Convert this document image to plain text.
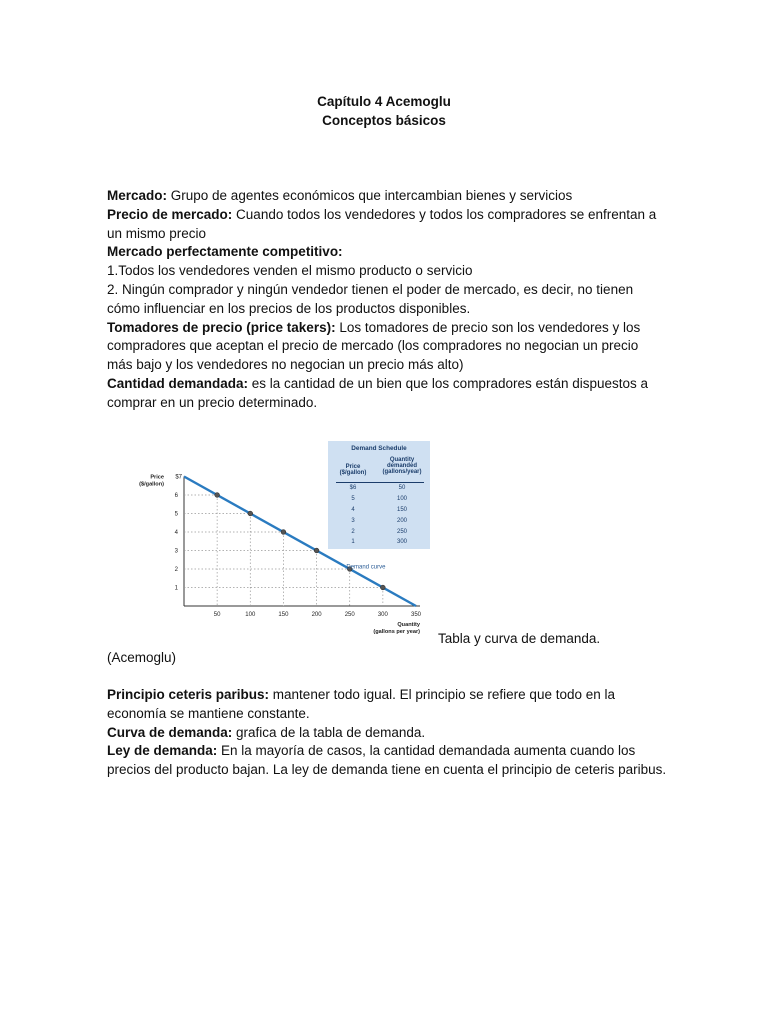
Capítulo 4 Acemoglu
Conceptos básicos

Mercado: Grupo de agentes económicos que intercambian bienes y servicios

Precio de mercado: Cuando todos los vendedores y todos los compradores se enfrentan a un mismo precio

Mercado perfectamente competitivo:

1.Todos los vendedores venden el mismo producto o servicio

2. Ningún comprador y ningún vendedor tienen el poder de mercado, es decir, no tienen cómo influenciar en los precios de los productos disponibles.

Tomadores de precio (price takers): Los tomadores de precio son los vendedores y los compradores que aceptan el precio de mercado (los compradores no negocian un precio más bajo y los vendedores no negocian un precio más alto)

Cantidad demandada: es la cantidad de un bien que los compradores están dispuestos a comprar en un precio determinado.

Demand Schedule
Price
($/gallon)
Quantity
demanded
(gallons/year)
$6	50
5	100
4	150
3	200
2	250
1	300
6
5
4
3
2
1
$7
50	100	150	200	250	300	350
Price
($/gallon)
Quantity
(gallons per year)
Demand curve
Tabla y curva de demanda.
(Acemoglu)

Principio ceteris paribus: mantener todo igual. El principio se refiere que todo en la economía se mantiene constante.

Curva de demanda: grafica de la tabla de demanda.

Ley de demanda: En la mayoría de casos, la cantidad demandada aumenta cuando los precios del producto bajan. La ley de demanda tiene en cuenta el principio de ceteris paribus.
